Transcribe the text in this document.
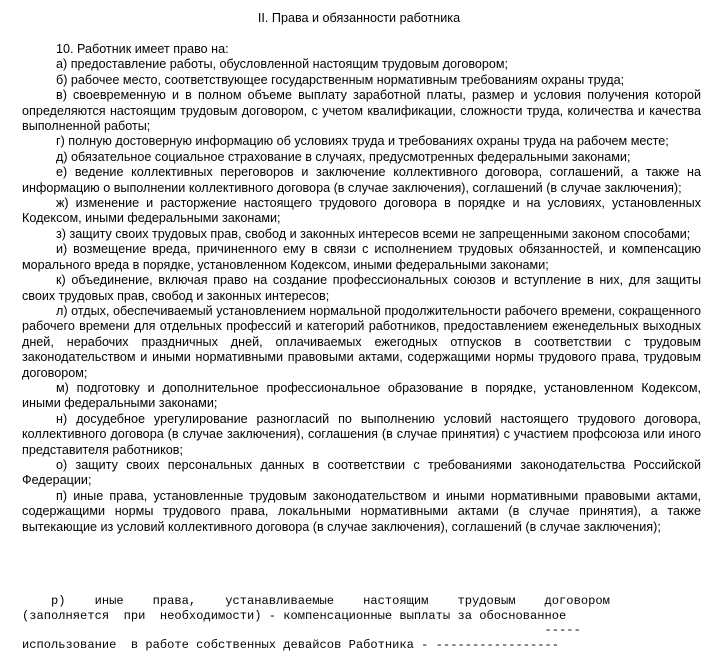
II. Права и обязанности работника

10. Работник имеет право на:

а) предоставление работы, обусловленной настоящим трудовым договором;

б) рабочее место, соответствующее государственным нормативным требованиям охраны труда;

в) своевременную и в полном объеме выплату заработной платы, размер и условия получения которой определяются настоящим трудовым договором, с учетом квалификации, сложности труда, количества и качества выполненной работы;

г) полную достоверную информацию об условиях труда и требованиях охраны труда на рабочем месте;

д) обязательное социальное страхование в случаях, предусмотренных федеральными законами;

е) ведение коллективных переговоров и заключение коллективного договора, соглашений, а также на информацию о выполнении коллективного договора (в случае заключения), соглашений (в случае заключения);

ж) изменение и расторжение настоящего трудового договора в порядке и на условиях, установленных Кодексом, иными федеральными законами;

з) защиту своих трудовых прав, свобод и законных интересов всеми не запрещенными законом способами;

и) возмещение вреда, причиненного ему в связи с исполнением трудовых обязанностей, и компенсацию морального вреда в порядке, установленном Кодексом, иными федеральными законами;

к) объединение, включая право на создание профессиональных союзов и вступление в них, для защиты своих трудовых прав, свобод и законных интересов;

л) отдых, обеспечиваемый установлением нормальной продолжительности рабочего времени, сокращенного рабочего времени для отдельных профессий и категорий работников, предоставлением еженедельных выходных дней, нерабочих праздничных дней, оплачиваемых ежегодных отпусков в соответствии с трудовым законодательством и иными нормативными правовыми актами, содержащими нормы трудового права, трудовым договором;

м) подготовку и дополнительное профессиональное образование в порядке, установленном Кодексом, иными федеральными законами;

н) досудебное урегулирование разногласий по выполнению условий настоящего трудового договора, коллективного договора (в случае заключения), соглашения (в случае принятия) с участием профсоюза или иного представителя работников;

о) защиту своих персональных данных в соответствии с требованиями законодательства Российской Федерации;

п) иные права, установленные трудовым законодательством и иными нормативными правовыми актами, содержащими нормы трудового права, локальными нормативными актами (в случае принятия), а также вытекающие из условий коллективного договора (в случае заключения), соглашений (в случае заключения);

р)    иные    права,    устанавливаемые    настоящим    трудовым    договором
(заполняется  при  необходимости) - компенсационные выплаты за обоснованное
-----
использование  в работе собственных девайсов Работника - -----------------
